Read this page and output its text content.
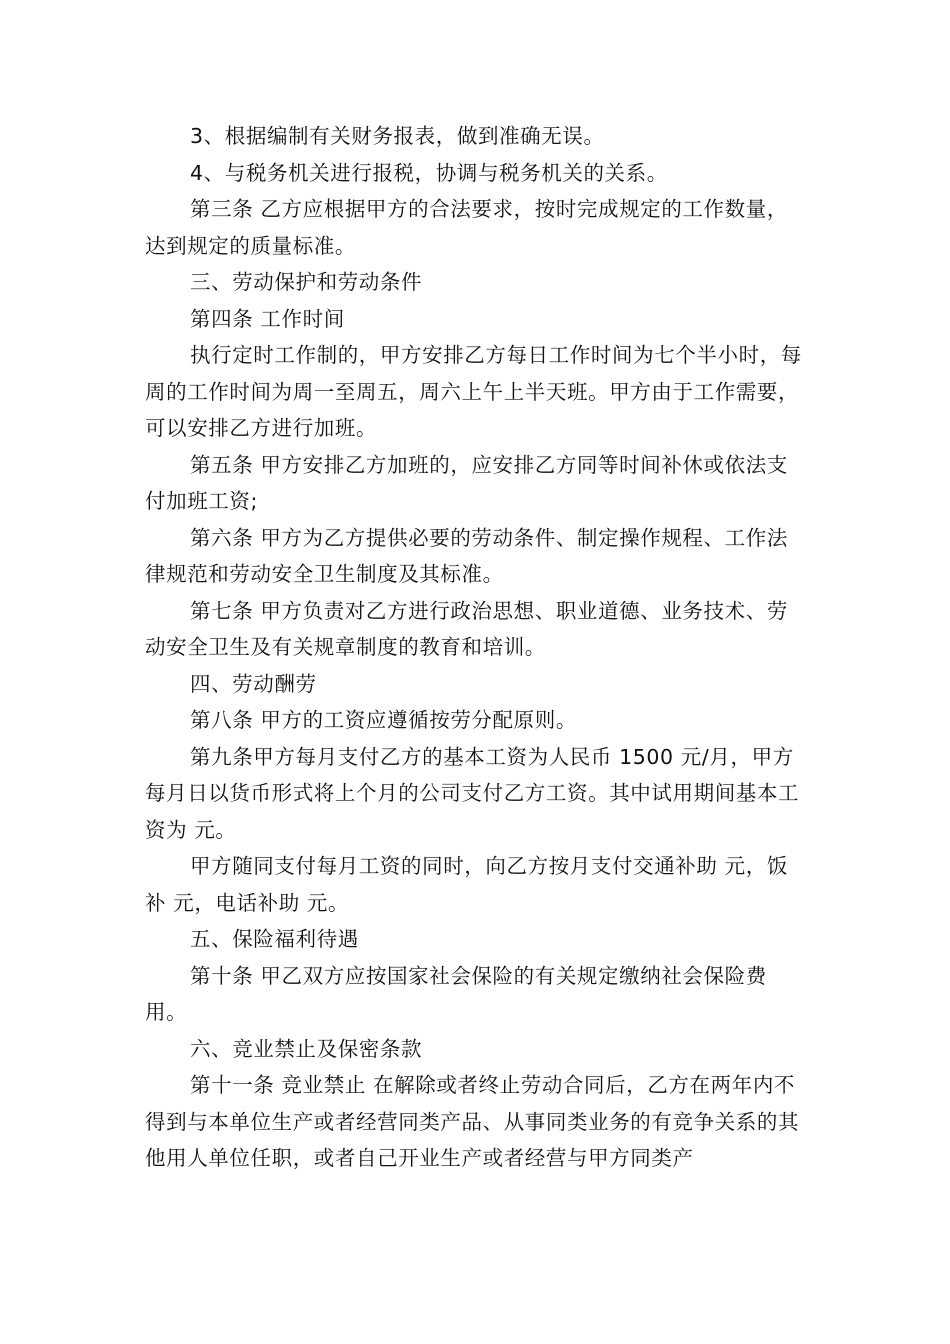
3、根据编制有关财务报表，做到准确无误。

4、与税务机关进行报税，协调与税务机关的关系。

第三条 乙方应根据甲方的合法要求，按时完成规定的工作数量，达到规定的质量标准。

三、劳动保护和劳动条件

第四条 工作时间

执行定时工作制的，甲方安排乙方每日工作时间为七个半小时，每周的工作时间为周一至周五，周六上午上半天班。甲方由于工作需要，可以安排乙方进行加班。

第五条 甲方安排乙方加班的，应安排乙方同等时间补休或依法支付加班工资;

第六条 甲方为乙方提供必要的劳动条件、制定操作规程、工作法律规范和劳动安全卫生制度及其标准。

第七条 甲方负责对乙方进行政治思想、职业道德、业务技术、劳动安全卫生及有关规章制度的教育和培训。

四、劳动酬劳

第八条 甲方的工资应遵循按劳分配原则。

第九条甲方每月支付乙方的基本工资为人民币 1500 元/月，甲方每月日以货币形式将上个月的公司支付乙方工资。其中试用期间基本工资为 元。

甲方随同支付每月工资的同时，向乙方按月支付交通补助 元，饭补 元，电话补助 元。

五、保险福利待遇

第十条 甲乙双方应按国家社会保险的有关规定缴纳社会保险费用。

六、竞业禁止及保密条款

第十一条 竞业禁止 在解除或者终止劳动合同后，乙方在两年内不得到与本单位生产或者经营同类产品、从事同类业务的有竞争关系的其他用人单位任职，或者自己开业生产或者经营与甲方同类产
